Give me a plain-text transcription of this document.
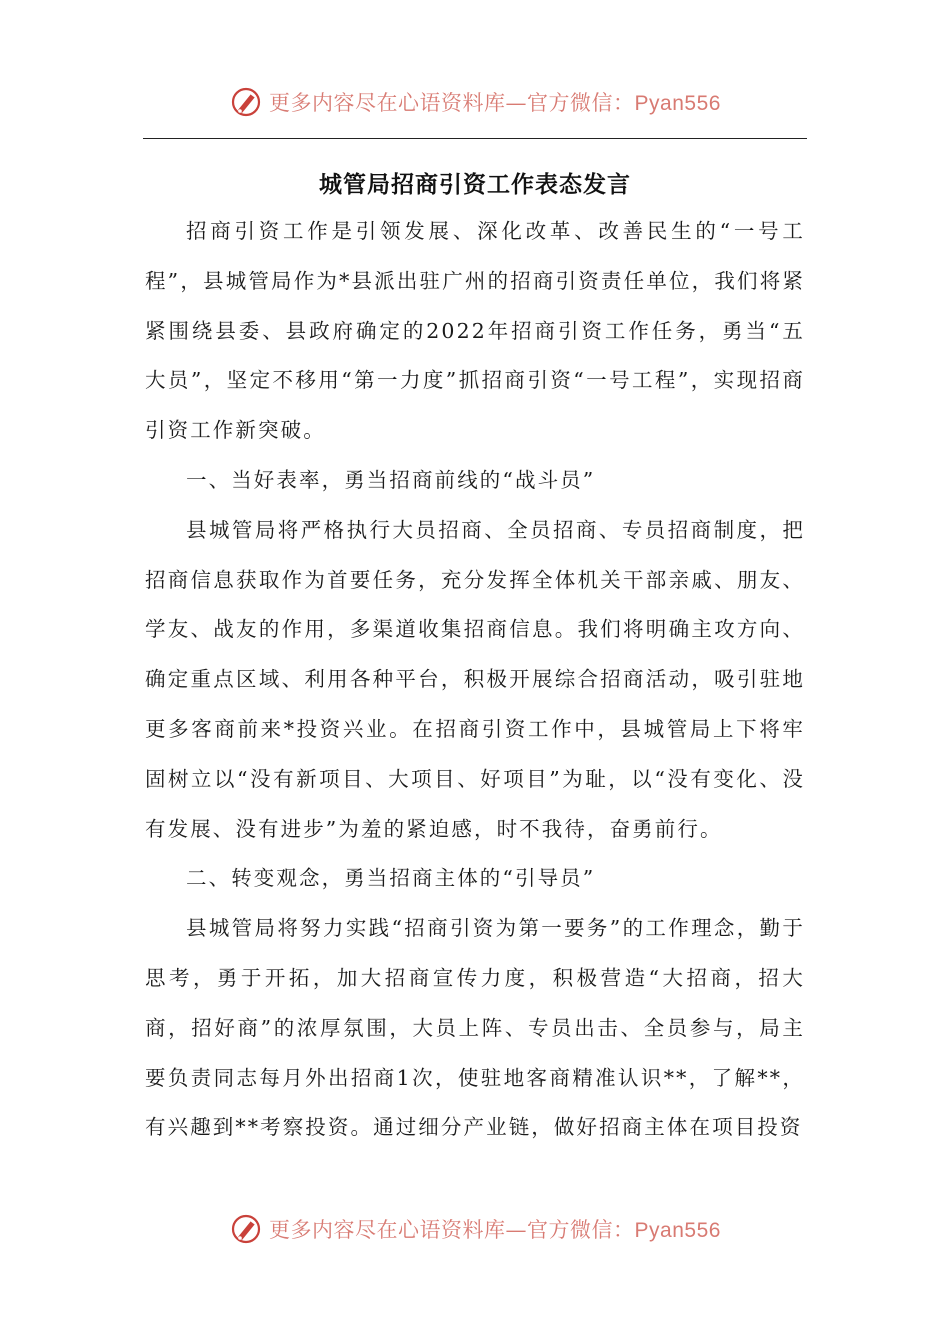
更多内容尽在心语资料库—官方微信：Pyan556
城管局招商引资工作表态发言

招商引资工作是引领发展、深化改革、改善民生的“一号工程”，县城管局作为*县派出驻广州的招商引资责任单位，我们将紧紧围绕县委、县政府确定的2022年招商引资工作任务，勇当“五大员”，坚定不移用“第一力度”抓招商引资“一号工程”，实现招商引资工作新突破。

一、当好表率，勇当招商前线的“战斗员”

县城管局将严格执行大员招商、全员招商、专员招商制度，把招商信息获取作为首要任务，充分发挥全体机关干部亲戚、朋友、学友、战友的作用，多渠道收集招商信息。我们将明确主攻方向、确定重点区域、利用各种平台，积极开展综合招商活动，吸引驻地更多客商前来*投资兴业。在招商引资工作中，县城管局上下将牢固树立以“没有新项目、大项目、好项目”为耻，以“没有变化、没有发展、没有进步”为羞的紧迫感，时不我待，奋勇前行。

二、转变观念，勇当招商主体的“引导员”

县城管局将努力实践“招商引资为第一要务”的工作理念，勤于思考，勇于开拓，加大招商宣传力度，积极营造“大招商，招大商，招好商”的浓厚氛围，大员上阵、专员出击、全员参与，局主要负责同志每月外出招商1次，使驻地客商精准认识**，了解**，有兴趣到**考察投资。通过细分产业链，做好招商主体在项目投资

更多内容尽在心语资料库—官方微信：Pyan556
